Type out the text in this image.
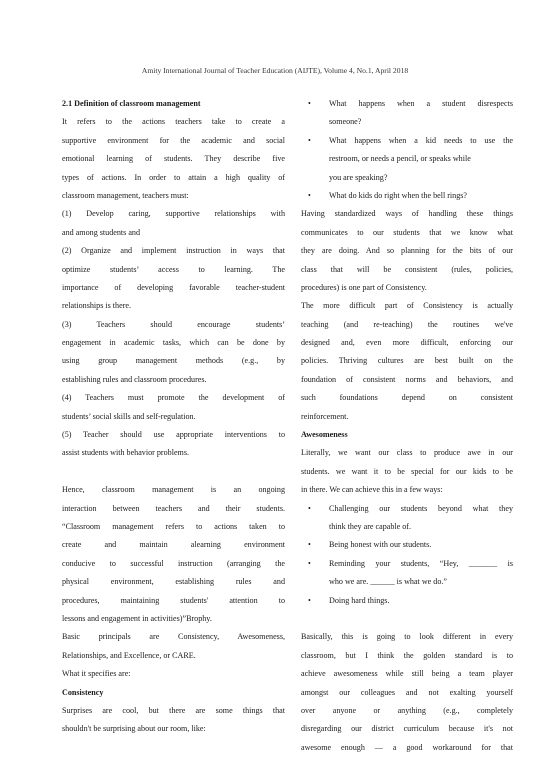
Amity International Journal of Teacher Education (AIJTE), Volume 4, No.1, April 2018
2.1 Definition of classroom management
It refers to the actions teachers take to create a
supportive environment for the academic and social
emotional learning of students. They describe five
types of actions. In order to attain a high quality of
classroom management, teachers must:
(1) Develop caring, supportive relationships with
and among students and
(2) Organize and implement instruction in ways that
optimize students’ access to learning. The
importance of developing favorable teacher-student
relationships is there.
(3) Teachers should encourage students’
engagement in academic tasks, which can be done by
using group management methods (e.g., by
establishing rules and classroom procedures.
(4) Teachers must promote the development of
students’ social skills and self-regulation.
(5) Teacher should use appropriate interventions to
assist students with behavior problems.
Hence, classroom management is an ongoing
interaction between teachers and their students.
“Classroom management refers to actions taken to
create and maintain alearning environment
conducive to successful instruction (arranging the
physical environment, establishing rules and
procedures, maintaining students' attention to
lessons and engagement in activities)”Brophy.
Basic principals are Consistency, Awesomeness,
Relationships, and Excellence, or CARE.
What it specifies are:
Consistency
Surprises are cool, but there are some things that
shouldn't be surprising about our room, like:
• What happens when a student disrespects
someone?
• What happens when a kid needs to use the
restroom, or needs a pencil, or speaks while
you are speaking?
• What do kids do right when the bell rings?
Having standardized ways of handling these things
communicates to our students that we know what
they are doing. And so planning for the bits of our
class that will be consistent (rules, policies,
procedures) is one part of Consistency.
The more difficult part of Consistency is actually
teaching (and re-teaching) the routines we've
designed and, even more difficult, enforcing our
policies. Thriving cultures are best built on the
foundation of consistent norms and behaviors, and
such foundations depend on consistent
reinforcement.
Awesomeness
Literally, we want our class to produce awe in our
students. we want it to be special for our kids to be
in there. We can achieve this in a few ways:
• Challenging our students beyond what they
think they are capable of.
• Being honest with our students.
• Reminding your students, “Hey, _______ is
who we are. ______ is what we do.”
• Doing hard things.
Basically, this is going to look different in every
classroom, but I think the golden standard is to
achieve awesomeness while still being a team player
amongst our colleagues and not exalting yourself
over anyone or anything (e.g., completely
disregarding our district curriculum because it's not
awesome enough — a good workaround for that
